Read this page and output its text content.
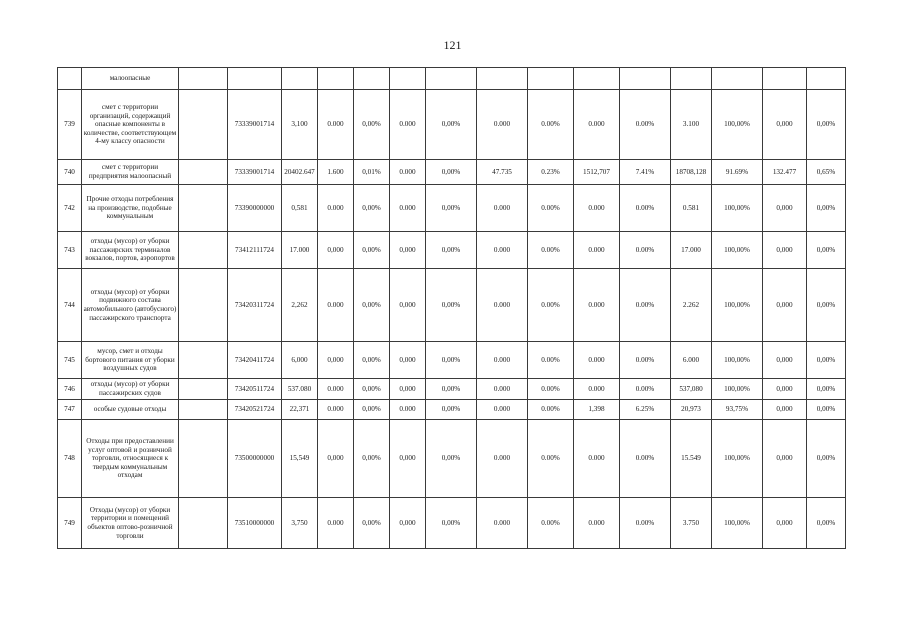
121
	малоопасные															
739	смет с территории организаций, содержащий опасные компоненты в количестве, соответствующем 4-му классу опасности		73339001714	3,100	0.000	0,00%	0.000	0,00%	0.000	0.00%	0.000	0.00%	3.100	100,00%	0,000	0,00%
740	смет с территории предприятия малоопасный		73339001714	20402.647	1.600	0,01%	0.000	0,00%	47.735	0.23%	1512,707	7.41%	18708,128	91.69%	132.477	0,65%
742	Прочие отходы потребления на производстве, подобные коммунальным		73390000000	0,581	0.000	0,00%	0.000	0,00%	0.000	0.00%	0.000	0.00%	0.581	100,00%	0,000	0,00%
743	отходы (мусор) от уборки пассажирских терминалов вокзалов, портов, аэропортов		73412111724	17.000	0,000	0,00%	0,000	0,00%	0.000	0.00%	0.000	0.00%	17.000	100,00%	0,000	0,00%
744	отходы (мусор) от уборки подвижного состава автомобильного (автобусного) пассажирского транспорта		73420311724	2,262	0.000	0,00%	0,000	0,00%	0.000	0.00%	0.000	0.00%	2.262	100,00%	0,000	0,00%
745	мусор, смет и отходы бортового питания от уборки воздушных судов		73420411724	6,000	0,000	0,00%	0,000	0,00%	0.000	0.00%	0.000	0.00%	6.000	100,00%	0,000	0,00%
746	отходы (мусор) от уборки пассажирских судов		73420511724	537.080	0.000	0,00%	0,000	0,00%	0.000	0.00%	0.000	0.00%	537,080	100,00%	0,000	0,00%
747	особые судовые отходы		73420521724	22,371	0.000	0,00%	0.000	0,00%	0.000	0.00%	1,398	6.25%	20,973	93,75%	0,000	0,00%
748	Отходы при предоставлении услуг оптовой и розничной торговли, относящиеся к твердым коммунальным отходам		73500000000	15,549	0,000	0,00%	0,000	0,00%	0.000	0.00%	0.000	0.00%	15.549	100,00%	0,000	0,00%
749	Отходы (мусор) от уборки территории и помещений объектов оптово-розничной торговли		73510000000	3,750	0.000	0,00%	0,000	0,00%	0.000	0.00%	0.000	0.00%	3.750	100,00%	0,000	0,00%
